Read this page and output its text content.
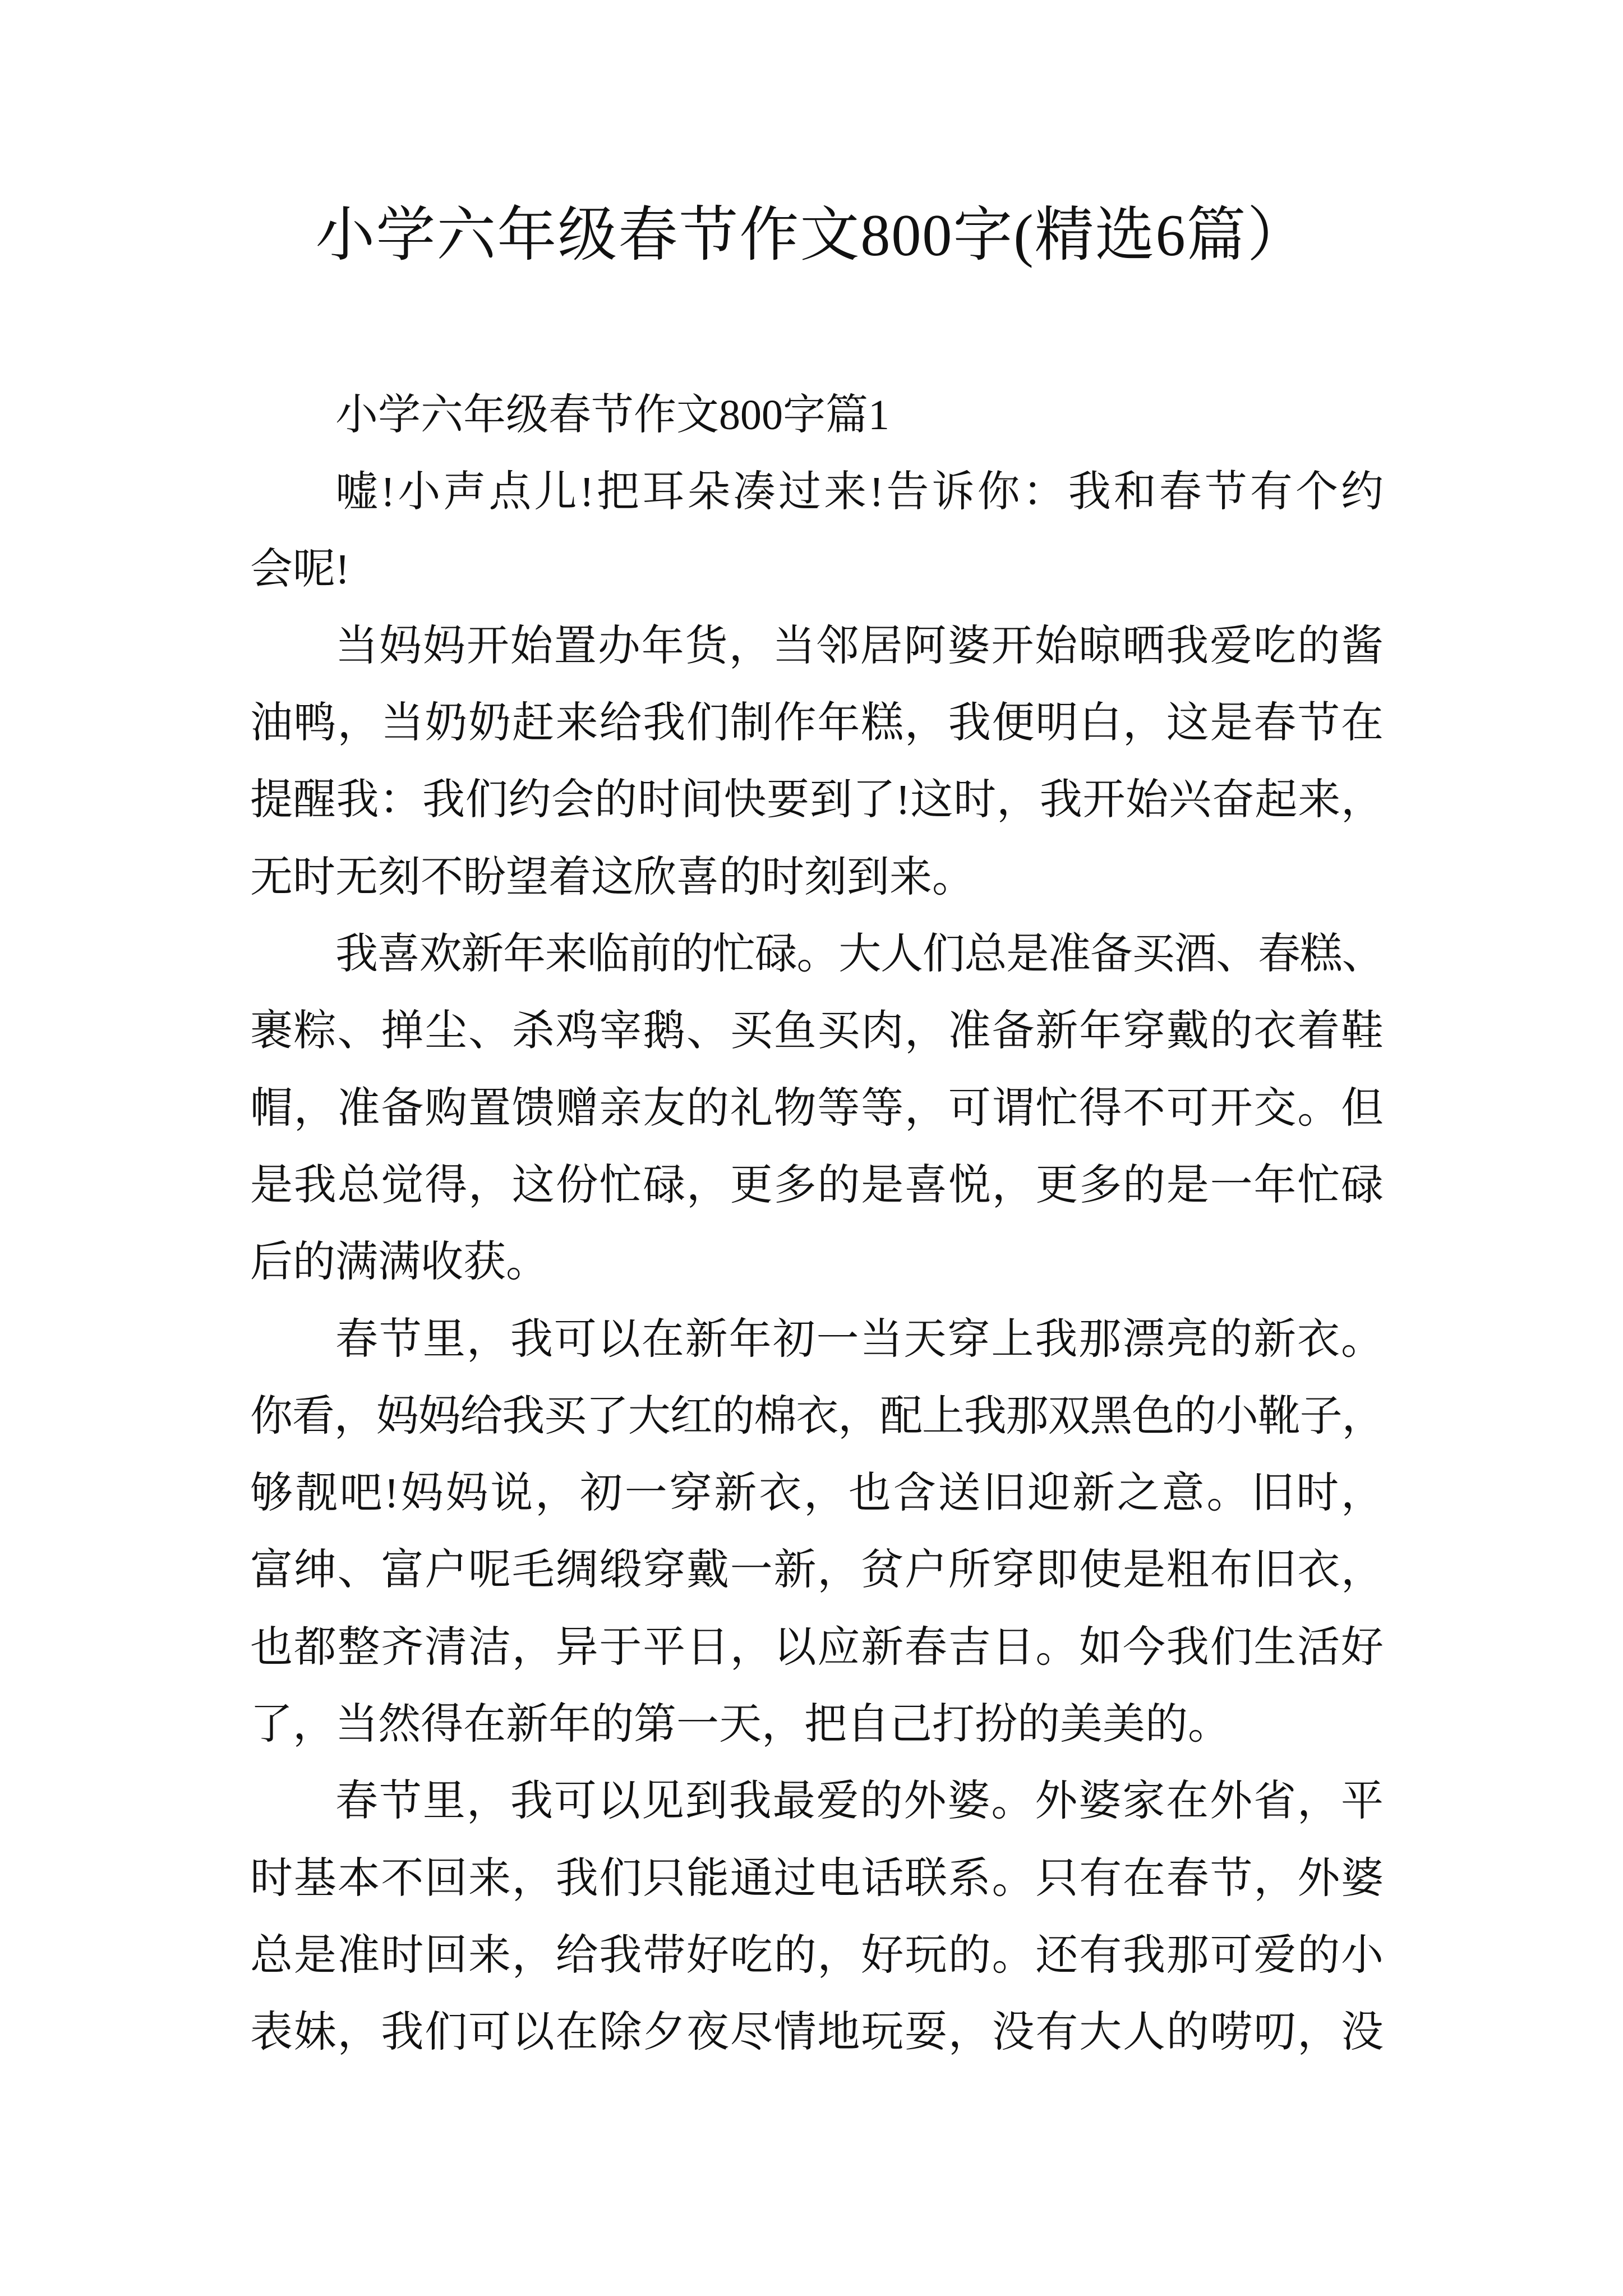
小学六年级春节作文800字(精选6篇）
小学六年级春节作文800字篇1
嘘!小声点儿!把耳朵凑过来!告诉你：我和春节有个约
会呢!
当妈妈开始置办年货，当邻居阿婆开始晾晒我爱吃的酱
油鸭，当奶奶赶来给我们制作年糕，我便明白，这是春节在
提醒我：我们约会的时间快要到了!这时，我开始兴奋起来，
无时无刻不盼望着这欣喜的时刻到来。
我喜欢新年来临前的忙碌。大人们总是准备买酒、春糕、
裹粽、掸尘、杀鸡宰鹅、买鱼买肉，准备新年穿戴的衣着鞋
帽，准备购置馈赠亲友的礼物等等，可谓忙得不可开交。但
是我总觉得，这份忙碌，更多的是喜悦，更多的是一年忙碌
后的满满收获。
春节里，我可以在新年初一当天穿上我那漂亮的新衣。
你看，妈妈给我买了大红的棉衣，配上我那双黑色的小靴子，
够靓吧!妈妈说，初一穿新衣，也含送旧迎新之意。旧时，
富绅、富户呢毛绸缎穿戴一新，贫户所穿即使是粗布旧衣，
也都整齐清洁，异于平日，以应新春吉日。如今我们生活好
了，当然得在新年的第一天，把自己打扮的美美的。
春节里，我可以见到我最爱的外婆。外婆家在外省，平
时基本不回来，我们只能通过电话联系。只有在春节，外婆
总是准时回来，给我带好吃的，好玩的。还有我那可爱的小
表妹，我们可以在除夕夜尽情地玩耍，没有大人的唠叨，没
